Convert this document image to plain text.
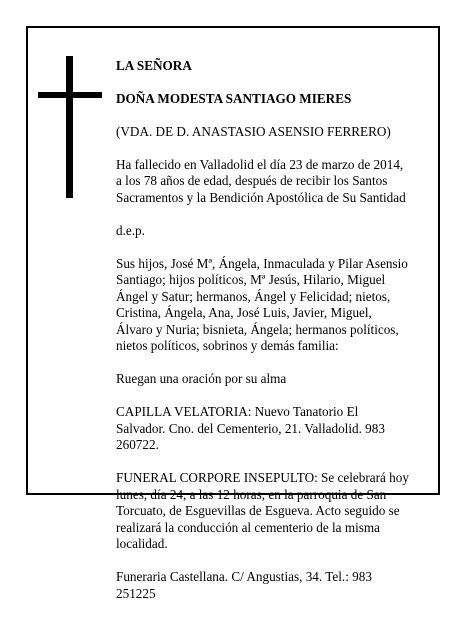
LA SEÑORA

DOÑA MODESTA SANTIAGO MIERES

(VDA. DE D. ANASTASIO ASENSIO FERRERO)

Ha fallecido en Valladolid el día 23 de marzo de 2014,
a los 78 años de edad, después de recibir los Santos
Sacramentos y la Bendición Apostólica de Su Santidad

d.e.p.

Sus hijos, José Mª, Ángela, Inmaculada y Pilar Asensio
Santiago; hijos políticos, Mª Jesús, Hilario, Miguel
Ángel y Satur; hermanos, Ángel y Felicidad; nietos,
Cristina, Ángela, Ana, José Luis, Javier, Miguel,
Álvaro y Nuria; bisnieta, Ángela; hermanos políticos,
nietos políticos, sobrinos y demás familia:

Ruegan una oración por su alma

CAPILLA VELATORIA: Nuevo Tanatorio El
Salvador. Cno. del Cementerio, 21. Valladolid. 983
260722.

FUNERAL CORPORE INSEPULTO: Se celebrará hoy
lunes, día 24, a las 12 horas, en la parroquia de San
Torcuato, de Esguevillas de Esgueva. Acto seguido se
realizará la conducción al cementerio de la misma
localidad.

Funeraria Castellana. C/ Angustias, 34. Tel.: 983
251225
